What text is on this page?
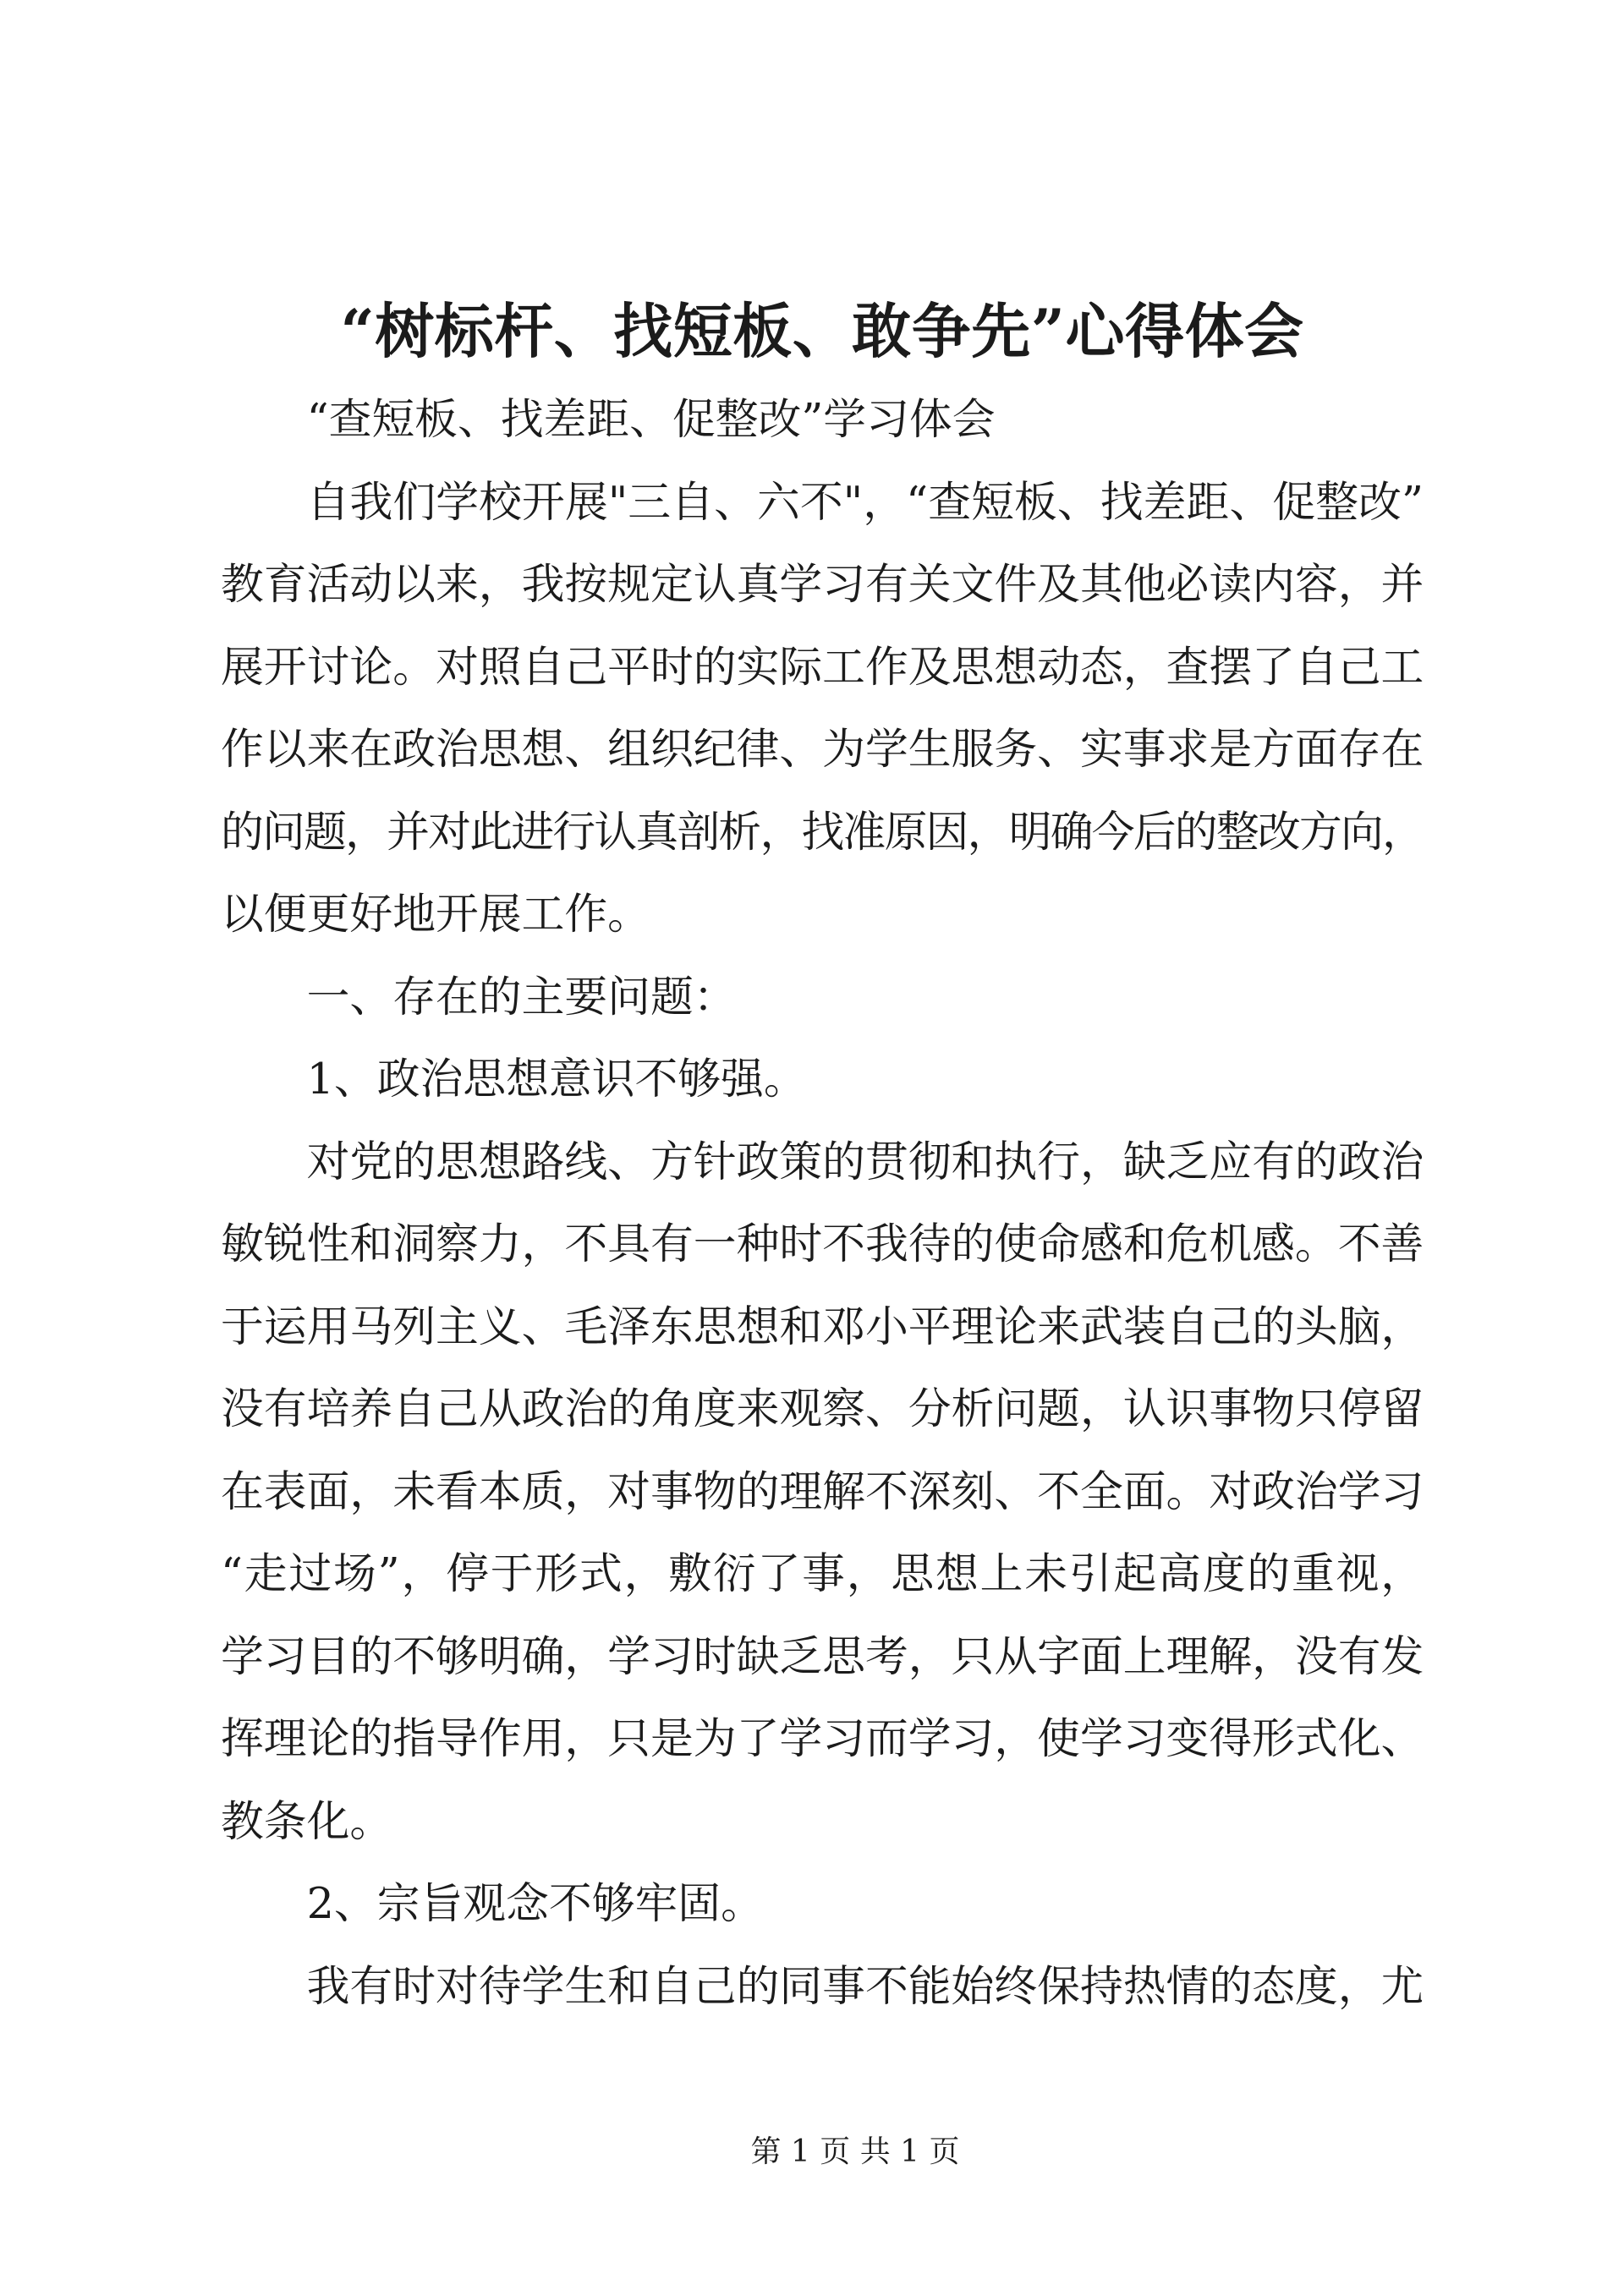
“树标杆、找短板、敢争先”心得体会
“查短板、找差距、促整改”学习体会
自我们学校开展"三自、六不"，“查短板、找差距、促整改”
教育活动以来，我按规定认真学习有关文件及其他必读内容，并
展开讨论。对照自己平时的实际工作及思想动态，查摆了自己工
作以来在政治思想、组织纪律、为学生服务、实事求是方面存在
的问题，并对此进行认真剖析，找准原因，明确今后的整改方向，
以便更好地开展工作。
一、存在的主要问题：
1、政治思想意识不够强。
对党的思想路线、方针政策的贯彻和执行，缺乏应有的政治
敏锐性和洞察力，不具有一种时不我待的使命感和危机感。不善
于运用马列主义、毛泽东思想和邓小平理论来武装自己的头脑，
没有培养自己从政治的角度来观察、分析问题，认识事物只停留
在表面，未看本质，对事物的理解不深刻、不全面。对政治学习
“走过场”，停于形式，敷衍了事，思想上未引起高度的重视，
学习目的不够明确，学习时缺乏思考，只从字面上理解，没有发
挥理论的指导作用，只是为了学习而学习，使学习变得形式化、
教条化。
2、宗旨观念不够牢固。
我有时对待学生和自己的同事不能始终保持热情的态度，尤
第 1 页 共 1 页
